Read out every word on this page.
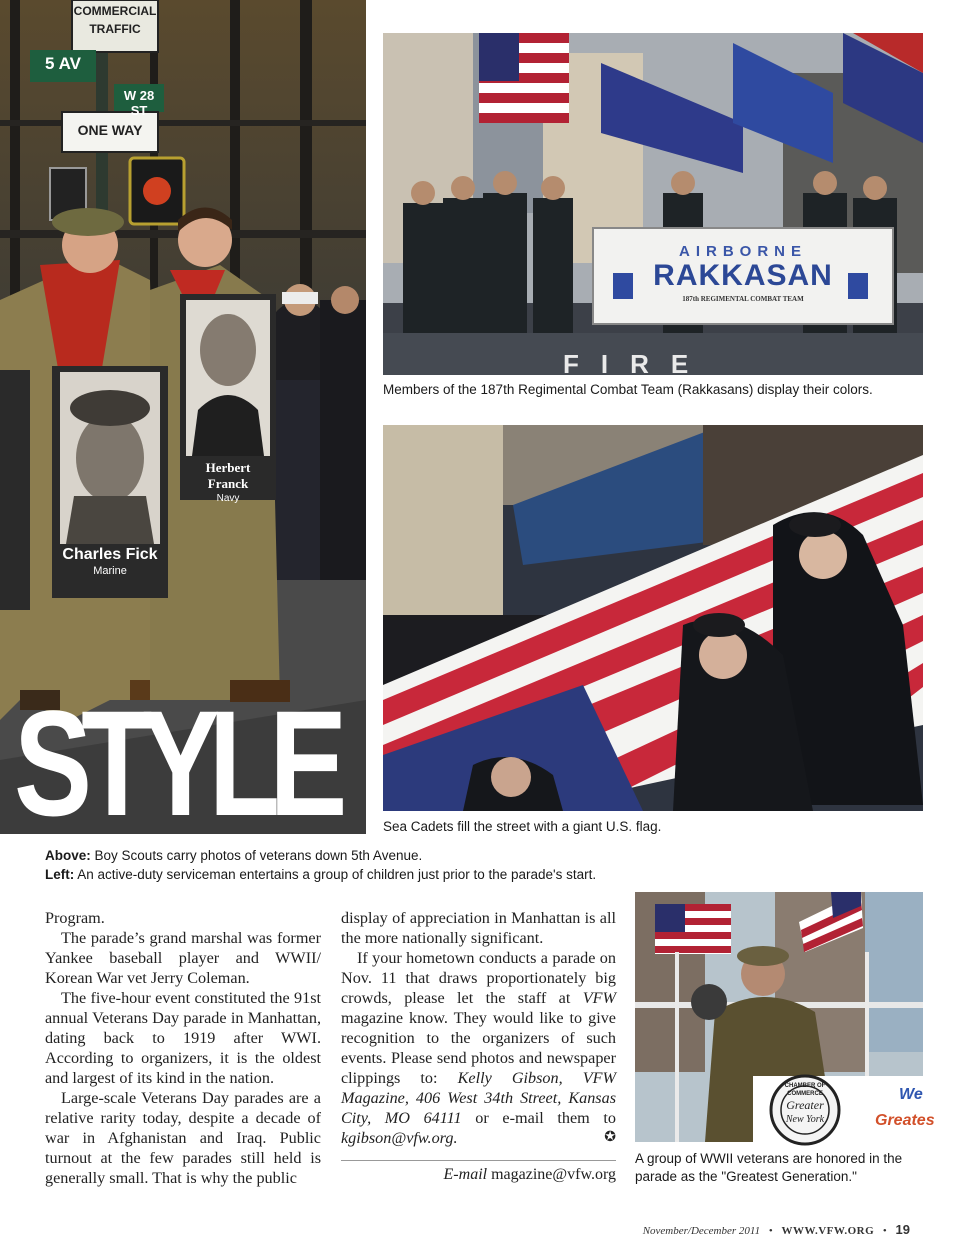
COMMERCIAL
TRAFFIC
5 AV
W 28 ST
ONE WAY
Charles Fick
Marine
Herbert Franck
Navy
STYLE
AIRBORNE
RAKKASAN
187th REGIMENTAL COMBAT TEAM
FIRE
Members of the 187th Regimental Combat Team (Rakkasans) display their colors.
Sea Cadets fill the street with a giant U.S. flag.
Above: Boy Scouts carry photos of veterans down 5th Avenue.
Left: An active-duty serviceman entertains a group of children just prior to the parade's start.

Program.

The parade’s grand marshal was former Yankee baseball player and WWII/ Korean War vet Jerry Coleman.

The five-hour event constituted the 91st annual Veterans Day parade in Manhattan, dating back to 1919 after WWI. According to organizers, it is the oldest and largest of its kind in the nation.

Large-scale Veterans Day parades are a relative rarity today, despite a decade of war in Afghanistan and Iraq. Public turnout at the few parades still held is generally small. That is why the public

display of appreciation in Manhattan is all the more nationally significant.

If your hometown conducts a parade on Nov. 11 that draws proportionately big crowds, please let the staff at VFW magazine know. They would like to give recognition to the organizers of such events. Please send photos and newspaper clippings to: Kelly Gibson, VFW Magazine, 406 West 34th Street, Kansas City, MO 64111 or e-mail them to kgibson@vfw.org.	✪

E-mail magazine@vfw.org
CHAMBER OF COMMERCE
Greater
New York
We
Greates
A group of WWII veterans are honored in the parade as the "Greatest Generation."
November/December 2011 • WWW.VFW.ORG • 19
